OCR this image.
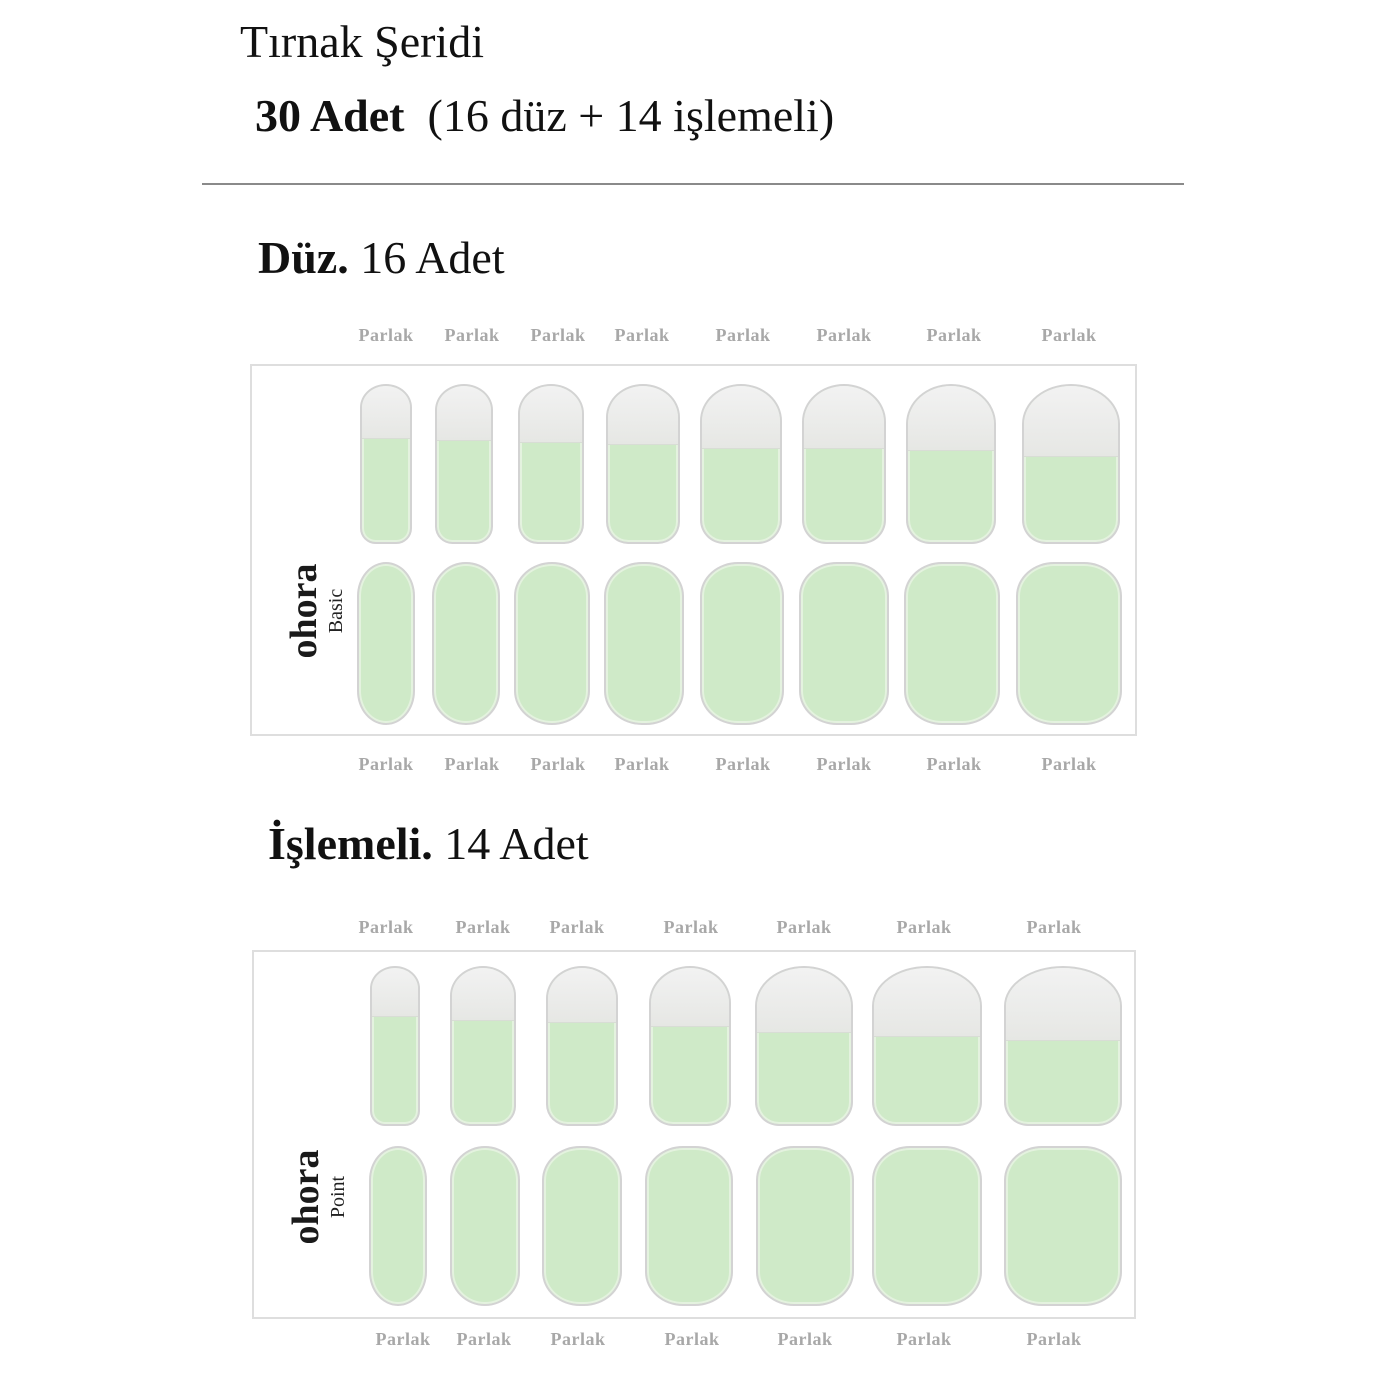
Tırnak Şeridi
30 Adet (16 düz + 14 işlemeli)
Düz. 16 Adet
Parlak	Parlak	Parlak	Parlak	Parlak	Parlak	Parlak	Parlak
ohora Basic
Parlak	Parlak	Parlak	Parlak	Parlak	Parlak	Parlak	Parlak
İşlemeli. 14 Adet
Parlak	Parlak	Parlak	Parlak	Parlak	Parlak	Parlak
ohora Point
Parlak	Parlak	Parlak	Parlak	Parlak	Parlak	Parlak
